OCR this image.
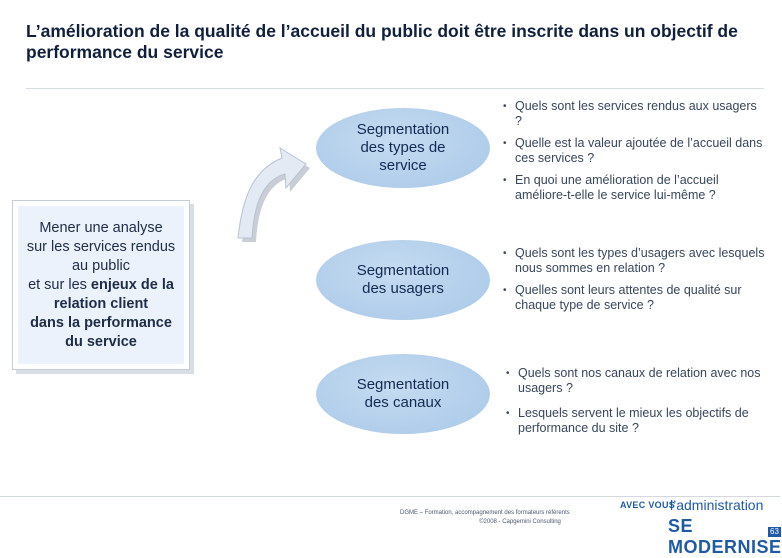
L’amélioration de la qualité de l’accueil du public doit être inscrite dans un objectif de performance du service
Mener une analyse
sur les services rendus
au public
et sur les enjeux de la
relation client
dans la performance
du service
Segmentation
des types de
service
Segmentation
des usagers
Segmentation
des canaux
• Quels sont les services rendus aux usagers ?
• Quelle est la valeur ajoutée de l’accueil dans ces services ?
• En quoi une amélioration de l’accueil améliore-t-elle le service lui-même ?
• Quels sont les types d’usagers avec lesquels nous sommes en relation ?
• Quelles sont leurs attentes de qualité sur chaque type de service ?
• Quels sont nos canaux de relation avec nos usagers ?
• Lesquels servent le mieux les objectifs de performance du site ?
DGME – Formation, accompagnement des formateurs référents
©2008 - Capgemini Consulting
AVEC VOUS
l’administration
SE MODERNISE
63
